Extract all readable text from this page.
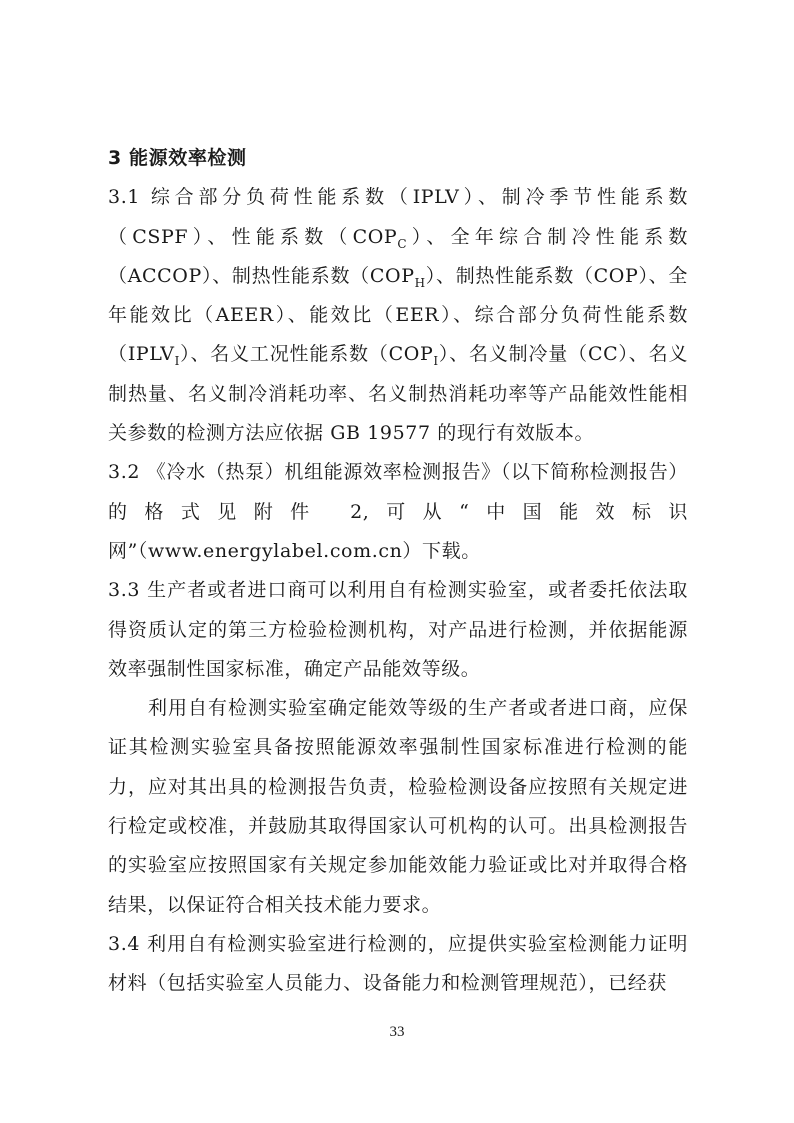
3 能源效率检测

3.1 综合部分负荷性能系数（IPLV）、制冷季节性能系数（CSPF）、性能系数$(COP_C)$、全年综合制冷性能系数（ACCOP）、制热性能系数$(COP_H)$、制热性能系数（COP）、全年能效比（AEER）、能效比（EER）、综合部分负荷性能系数$(IPLV_I)$、名义工况性能系数$(COP_I)$、名义制冷量（CC）、名义制热量、名义制冷消耗功率、名义制热消耗功率等产品能效性能相关参数的检测方法应依据 GB 19577 的现行有效版本。

3.2 《冷水（热泵）机组能源效率检测报告》（以下简称检测报告）的格式见附件 2,可从“中国能效标识网”（www.energylabel.com.cn）下载。

3.3 生产者或者进口商可以利用自有检测实验室，或者委托依法取得资质认定的第三方检验检测机构，对产品进行检测，并依据能源效率强制性国家标准，确定产品能效等级。

利用自有检测实验室确定能效等级的生产者或者进口商，应保证其检测实验室具备按照能源效率强制性国家标准进行检测的能力，应对其出具的检测报告负责，检验检测设备应按照有关规定进行检定或校准，并鼓励其取得国家认可机构的认可。出具检测报告的实验室应按照国家有关规定参加能效能力验证或比对并取得合格结果，以保证符合相关技术能力要求。

3.4 利用自有检测实验室进行检测的，应提供实验室检测能力证明材料（包括实验室人员能力、设备能力和检测管理规范），已经获

33
